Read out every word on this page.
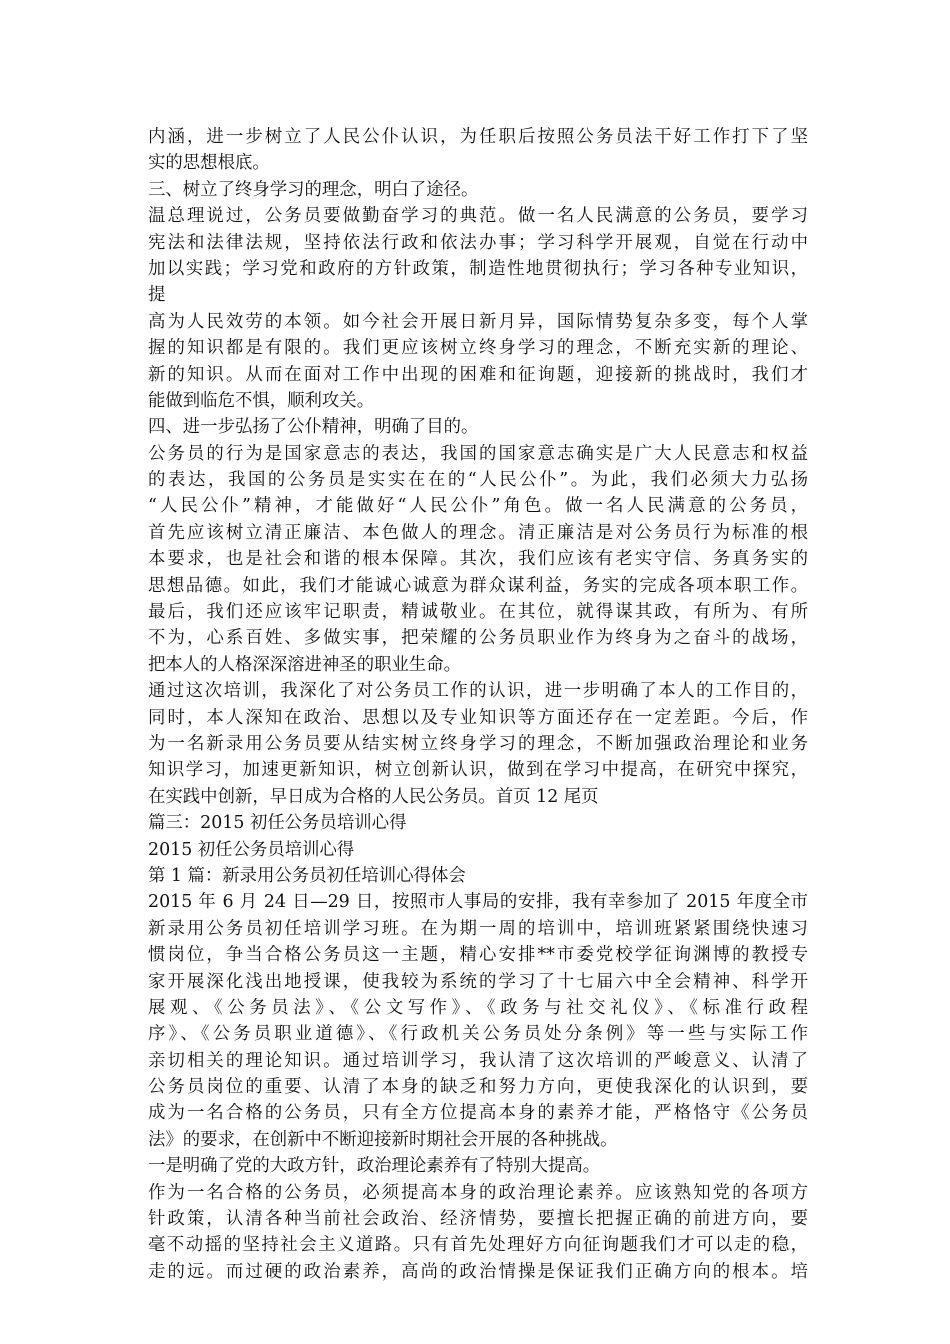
内涵，进一步树立了人民公仆认识，为任职后按照公务员法干好工作打下了坚
实的思想根底。
三、树立了终身学习的理念，明白了途径。
温总理说过，公务员要做勤奋学习的典范。做一名人民满意的公务员，要学习
宪法和法律法规，坚持依法行政和依法办事；学习科学开展观，自觉在行动中
加以实践；学习党和政府的方针政策，制造性地贯彻执行；学习各种专业知识，
提
高为人民效劳的本领。如今社会开展日新月异，国际情势复杂多变，每个人掌
握的知识都是有限的。我们更应该树立终身学习的理念，不断充实新的理论、
新的知识。从而在面对工作中出现的困难和征询题，迎接新的挑战时，我们才
能做到临危不惧，顺利攻关。
四、进一步弘扬了公仆精神，明确了目的。
公务员的行为是国家意志的表达，我国的国家意志确实是广大人民意志和权益
的表达，我国的公务员是实实在在的“人民公仆”。为此，我们必须大力弘扬
“人民公仆”精神，才能做好“人民公仆”角色。做一名人民满意的公务员，
首先应该树立清正廉洁、本色做人的理念。清正廉洁是对公务员行为标准的根
本要求，也是社会和谐的根本保障。其次，我们应该有老实守信、务真务实的
思想品德。如此，我们才能诚心诚意为群众谋利益，务实的完成各项本职工作。
最后，我们还应该牢记职责，精诚敬业。在其位，就得谋其政，有所为、有所
不为，心系百姓、多做实事，把荣耀的公务员职业作为终身为之奋斗的战场，
把本人的人格深深溶进神圣的职业生命。
通过这次培训，我深化了对公务员工作的认识，进一步明确了本人的工作目的，
同时，本人深知在政治、思想以及专业知识等方面还存在一定差距。今后，作
为一名新录用公务员要从结实树立终身学习的理念，不断加强政治理论和业务
知识学习，加速更新知识，树立创新认识，做到在学习中提高，在研究中探究，
在实践中创新，早日成为合格的人民公务员。首页 12 尾页
篇三：2015 初任公务员培训心得
2015 初任公务员培训心得
第 1 篇：新录用公务员初任培训心得体会
2015 年 6 月 24 日—29 日，按照市人事局的安排，我有幸参加了 2015 年度全市
新录用公务员初任培训学习班。在为期一周的培训中，培训班紧紧围绕快速习
惯岗位，争当合格公务员这一主题，精心安排**市委党校学征询渊博的教授专
家开展深化浅出地授课，使我较为系统的学习了十七届六中全会精神、科学开
展观、《公务员法》、《公文写作》、《政务与社交礼仪》、《标准行政程
序》、《公务员职业道德》、《行政机关公务员处分条例》等一些与实际工作
亲切相关的理论知识。通过培训学习，我认清了这次培训的严峻意义、认清了
公务员岗位的重要、认清了本身的缺乏和努力方向，更使我深化的认识到，要
成为一名合格的公务员，只有全方位提高本身的素养才能，严格恪守《公务员
法》的要求，在创新中不断迎接新时期社会开展的各种挑战。
一是明确了党的大政方针，政治理论素养有了特别大提高。
作为一名合格的公务员，必须提高本身的政治理论素养。应该熟知党的各项方
针政策，认清各种当前社会政治、经济情势，要擅长把握正确的前进方向，要
毫不动摇的坚持社会主义道路。只有首先处理好方向征询题我们才可以走的稳，
走的远。而过硬的政治素养，高尚的政治情操是保证我们正确方向的根本。培
